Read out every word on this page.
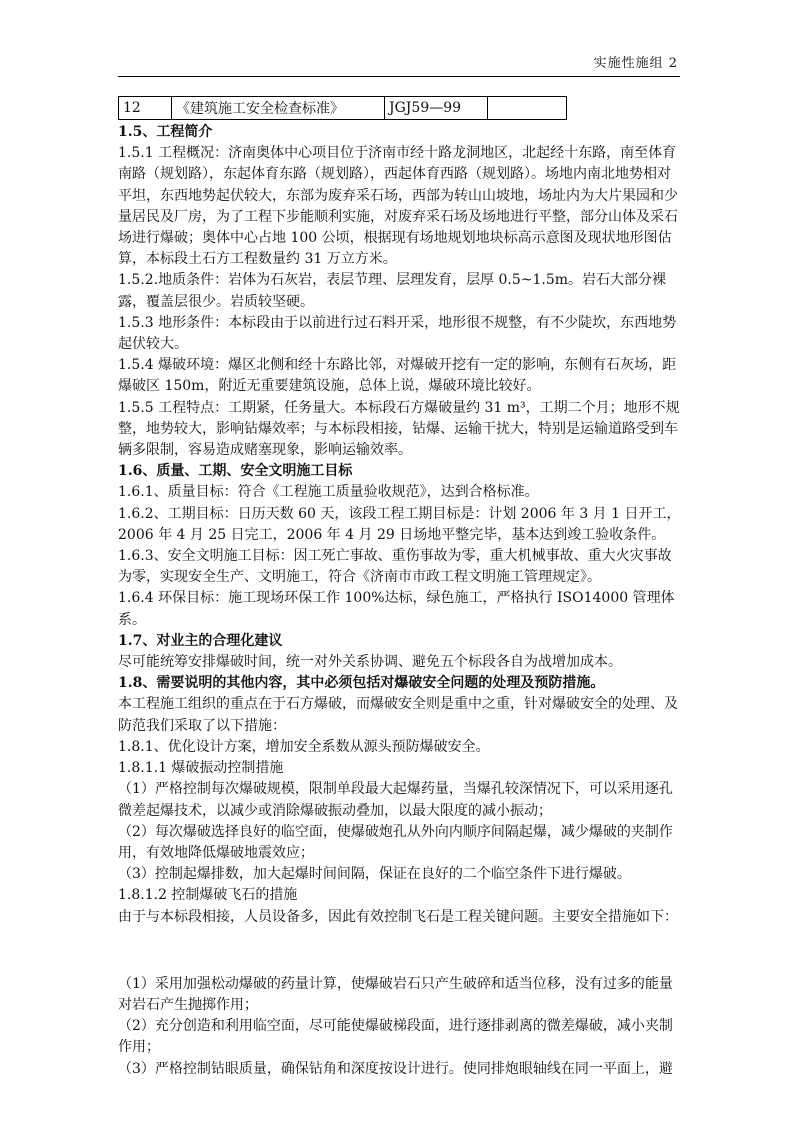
实施性施组 2
12	《建筑施工安全检查标准》	JGJ59—99	

1.5、工程简介

1.5.1 工程概况：济南奥体中心项目位于济南市经十路龙洞地区，北起经十东路，南至体育南路（规划路），东起体育东路（规划路），西起体育西路（规划路）。场地内南北地势相对平坦，东西地势起伏较大，东部为废弃采石场，西部为转山山坡地，场址内为大片果园和少量居民及厂房，为了工程下步能顺利实施，对废弃采石场及场地进行平整，部分山体及采石场进行爆破；奥体中心占地 100 公顷，根据现有场地规划地块标高示意图及现状地形图估算，本标段土石方工程数量约 31 万立方米。

1.5.2.地质条件：岩体为石灰岩，表层节理、层理发育，层厚 0.5~1.5m。岩石大部分裸露，覆盖层很少。岩质较坚硬。

1.5.3 地形条件：本标段由于以前进行过石料开采，地形很不规整，有不少陡坎，东西地势起伏较大。

1.5.4 爆破环境：爆区北侧和经十东路比邻，对爆破开挖有一定的影响，东侧有石灰场，距爆破区 150m，附近无重要建筑设施，总体上说，爆破环境比较好。

1.5.5 工程特点：工期紧，任务量大。本标段石方爆破量约 31 m³，工期二个月；地形不规整，地势较大，影响钻爆效率；与本标段相接，钻爆、运输干扰大，特别是运输道路受到车辆多限制，容易造成赌塞现象，影响运输效率。

1.6、质量、工期、安全文明施工目标

1.6.1、质量目标：符合《工程施工质量验收规范》，达到合格标准。

1.6.2、工期目标：日历天数 60 天，该段工程工期目标是：计划 2006 年 3 月 1 日开工，2006 年 4 月 25 日完工，2006 年 4 月 29 日场地平整完毕，基本达到竣工验收条件。

1.6.3、安全文明施工目标：因工死亡事故、重伤事故为零，重大机械事故、重大火灾事故为零，实现安全生产、文明施工，符合《济南市市政工程文明施工管理规定》。

1.6.4 环保目标：施工现场环保工作 100%达标，绿色施工，严格执行 ISO14000 管理体系。

1.7、对业主的合理化建议

尽可能统筹安排爆破时间，统一对外关系协调、避免五个标段各自为战增加成本。

1.8、需要说明的其他内容，其中必须包括对爆破安全问题的处理及预防措施。

本工程施工组织的重点在于石方爆破，而爆破安全则是重中之重，针对爆破安全的处理、及防范我们采取了以下措施：

1.8.1、优化设计方案，增加安全系数从源头预防爆破安全。

1.8.1.1 爆破振动控制措施

（1）严格控制每次爆破规模，限制单段最大起爆药量，当爆孔较深情况下，可以采用逐孔微差起爆技术，以减少或消除爆破振动叠加，以最大限度的减小振动；

（2）每次爆破选择良好的临空面，使爆破炮孔从外向内顺序间隔起爆，减少爆破的夹制作用，有效地降低爆破地震效应；

（3）控制起爆排数，加大起爆时间间隔，保证在良好的二个临空条件下进行爆破。

1.8.1.2 控制爆破飞石的措施

由于与本标段相接，人员设备多，因此有效控制飞石是工程关键问题。主要安全措施如下：

（1）采用加强松动爆破的药量计算，使爆破岩石只产生破碎和适当位移，没有过多的能量对岩石产生抛掷作用；

（2）充分创造和利用临空面，尽可能使爆破梯段面，进行逐排剥离的微差爆破，减小夹制作用；

（3）严格控制钻眼质量，确保钻角和深度按设计进行。使同排炮眼轴线在同一平面上，避
